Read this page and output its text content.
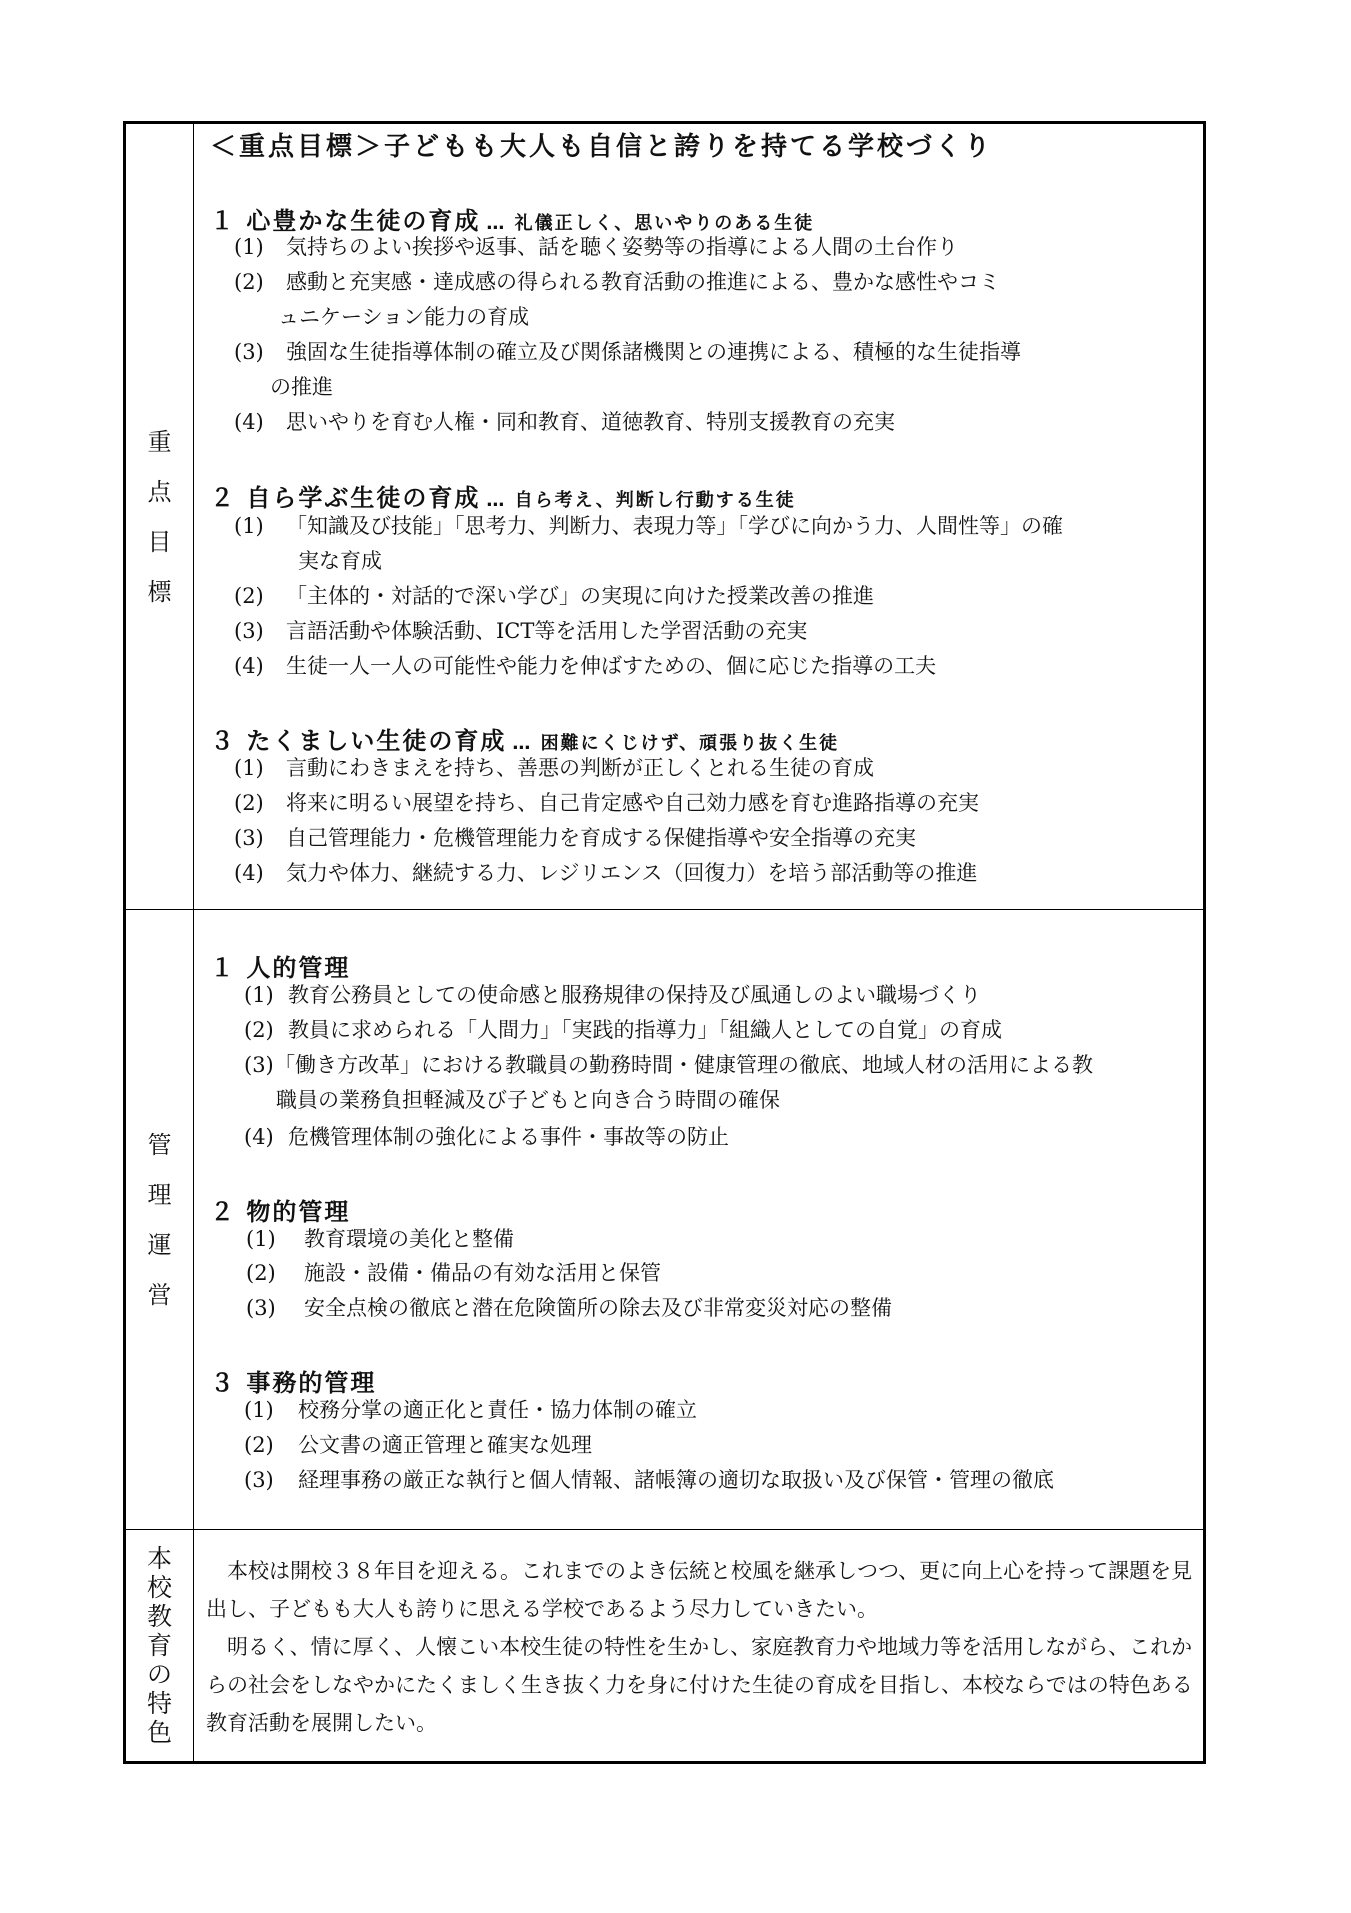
重
点
目
標
＜重点目標＞子どもも大人も自信と誇りを持てる学校づくり
１ 心豊かな生徒の育成 … 礼儀正しく、思いやりのある生徒
(1) 気持ちのよい挨拶や返事、話を聴く姿勢等の指導による人間の土台作り
(2) 感動と充実感・達成感の得られる教育活動の推進による、豊かな感性やコミ
ュニケーション能力の育成
(3) 強固な生徒指導体制の確立及び関係諸機関との連携による、積極的な生徒指導
の推進
(4) 思いやりを育む人権・同和教育、道徳教育、特別支援教育の充実
２ 自ら学ぶ生徒の育成 … 自ら考え、判断し行動する生徒
(1) 「知識及び技能」「思考力、判断力、表現力等」「学びに向かう力、人間性等」の確
実な育成
(2) 「主体的・対話的で深い学び」の実現に向けた授業改善の推進
(3) 言語活動や体験活動、ICT等を活用した学習活動の充実
(4) 生徒一人一人の可能性や能力を伸ばすための、個に応じた指導の工夫
３ たくましい生徒の育成 … 困難にくじけず、頑張り抜く生徒
(1) 言動にわきまえを持ち、善悪の判断が正しくとれる生徒の育成
(2) 将来に明るい展望を持ち、自己肯定感や自己効力感を育む進路指導の充実
(3) 自己管理能力・危機管理能力を育成する保健指導や安全指導の充実
(4) 気力や体力、継続する力、レジリエンス（回復力）を培う部活動等の推進
管
理
運
営
１ 人的管理
(1) 教育公務員としての使命感と服務規律の保持及び風通しのよい職場づくり
(2) 教員に求められる「人間力」「実践的指導力」「組織人としての自覚」の育成
(3)「働き方改革」における教職員の勤務時間・健康管理の徹底、地域人材の活用による教
職員の業務負担軽減及び子どもと向き合う時間の確保
(4) 危機管理体制の強化による事件・事故等の防止
２ 物的管理
(1) 教育環境の美化と整備
(2) 施設・設備・備品の有効な活用と保管
(3) 安全点検の徹底と潜在危険箇所の除去及び非常変災対応の整備
３ 事務的管理
(1) 校務分掌の適正化と責任・協力体制の確立
(2) 公文書の適正管理と確実な処理
(3) 経理事務の厳正な執行と個人情報、諸帳簿の適切な取扱い及び保管・管理の徹底
本
校
教
育
の
特
色

本校は開校３８年目を迎える。これまでのよき伝統と校風を継承しつつ、更に向上心を持って課題を見出し、子どもも大人も誇りに思える学校であるよう尽力していきたい。

明るく、情に厚く、人懐こい本校生徒の特性を生かし、家庭教育力や地域力等を活用しながら、これからの社会をしなやかにたくましく生き抜く力を身に付けた生徒の育成を目指し、本校ならではの特色ある教育活動を展開したい。
